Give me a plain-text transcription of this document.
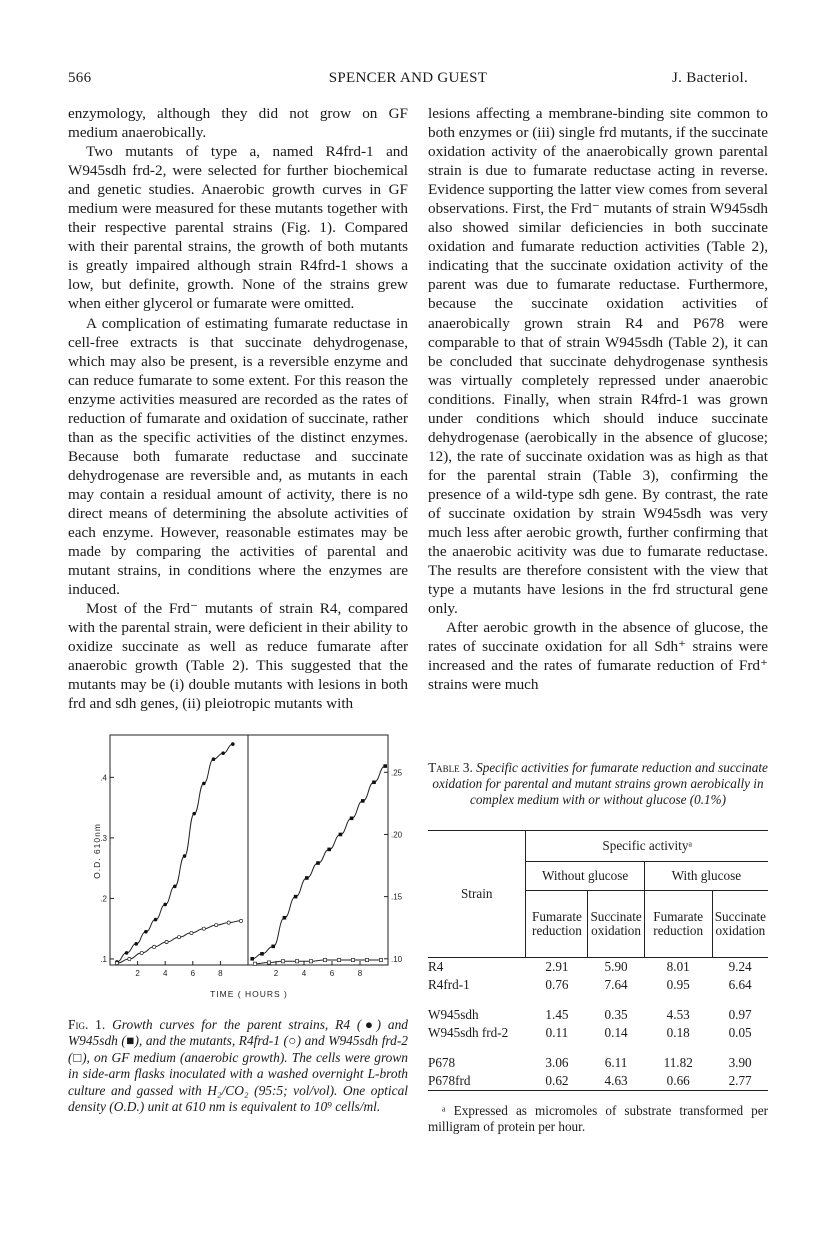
SPENCER AND GUEST
566	J. Bacteriol.

enzymology, although they did not grow on GF medium anaerobically.

Two mutants of type a, named R4frd-1 and W945sdh frd-2, were selected for further biochemical and genetic studies. Anaerobic growth curves in GF medium were measured for these mutants together with their respective parental strains (Fig. 1). Compared with their parental strains, the growth of both mutants is greatly impaired although strain R4frd-1 shows a low, but definite, growth. None of the strains grew when either glycerol or fumarate were omitted.

A complication of estimating fumarate reductase in cell-free extracts is that succinate dehydrogenase, which may also be present, is a reversible enzyme and can reduce fumarate to some extent. For this reason the enzyme activities measured are recorded as the rates of reduction of fumarate and oxidation of succinate, rather than as the specific activities of the distinct enzymes. Because both fumarate reductase and succinate dehydrogenase are reversible and, as mutants in each may contain a residual amount of activity, there is no direct means of determining the absolute activities of each enzyme. However, reasonable estimates may be made by comparing the activities of parental and mutant strains, in conditions where the enzymes are induced.

Most of the Frd⁻ mutants of strain R4, compared with the parental strain, were deficient in their ability to oxidize succinate as well as reduce fumarate after anaerobic growth (Table 2). This suggested that the mutants may be (i) double mutants with lesions in both frd and sdh genes, (ii) pleiotropic mutants with

lesions affecting a membrane-binding site common to both enzymes or (iii) single frd mutants, if the succinate oxidation activity of the anaerobically grown parental strain is due to fumarate reductase acting in reverse. Evidence supporting the latter view comes from several observations. First, the Frd⁻ mutants of strain W945sdh also showed similar deficiencies in both succinate oxidation and fumarate reduction activities (Table 2), indicating that the succinate oxidation activity of the parent was due to fumarate reductase. Furthermore, because the succinate oxidation activities of anaerobically grown strain R4 and P678 were comparable to that of strain W945sdh (Table 2), it can be concluded that succinate dehydrogenase synthesis was virtually completely repressed under anaerobic conditions. Finally, when strain R4frd-1 was grown under conditions which should induce succinate dehydrogenase (aerobically in the absence of glucose; 12), the rate of succinate oxidation was as high as that for the parental strain (Table 3), confirming the presence of a wild-type sdh gene. By contrast, the rate of succinate oxidation by strain W945sdh was very much less after aerobic growth, further confirming that the anaerobic acitivity was due to fumarate reductase. The results are therefore consistent with the view that type a mutants have lesions in the frd structural gene only.

After aerobic growth in the absence of glucose, the rates of succinate oxidation for all Sdh⁺ strains were increased and the rates of fumarate reduction of Frd⁺ strains were much

2	4	6	8
.1
.2
.3
.4
2	4	6	8
.10
.15
.20
.25
O.D. 610nm
TIME ( HOURS )
Fig. 1. Growth curves for the parent strains, R4 (●) and W945sdh (■), and the mutants, R4frd-1 (○) and W945sdh frd-2 (□), on GF medium (anaerobic growth). The cells were grown in side-arm flasks inoculated with a washed overnight L-broth culture and gassed with H₂/CO₂ (95:5; vol/vol). One optical density (O.D.) unit at 610 nm is equivalent to 10⁹ cells/ml.
Table 3. Specific activities for fumarate reduction and succinate oxidation for parental and mutant strains grown aerobically in complex medium with or without glucose (0.1%)
Strain	Specific activityᵃ			
	Without glucose		With glucose	
	Fumarate reduction	Succinate oxidation	Fumarate reduction	Succinate oxidation
R4	2.91	5.90	8.01	9.24
R4frd-1	0.76	7.64	0.95	6.64
W945sdh	1.45	0.35	4.53	0.97
W945sdh frd-2	0.11	0.14	0.18	0.05
P678	3.06	6.11	11.82	3.90
P678frd	0.62	4.63	0.66	2.77
ᵃ Expressed as micromoles of substrate transformed per milligram of protein per hour.
